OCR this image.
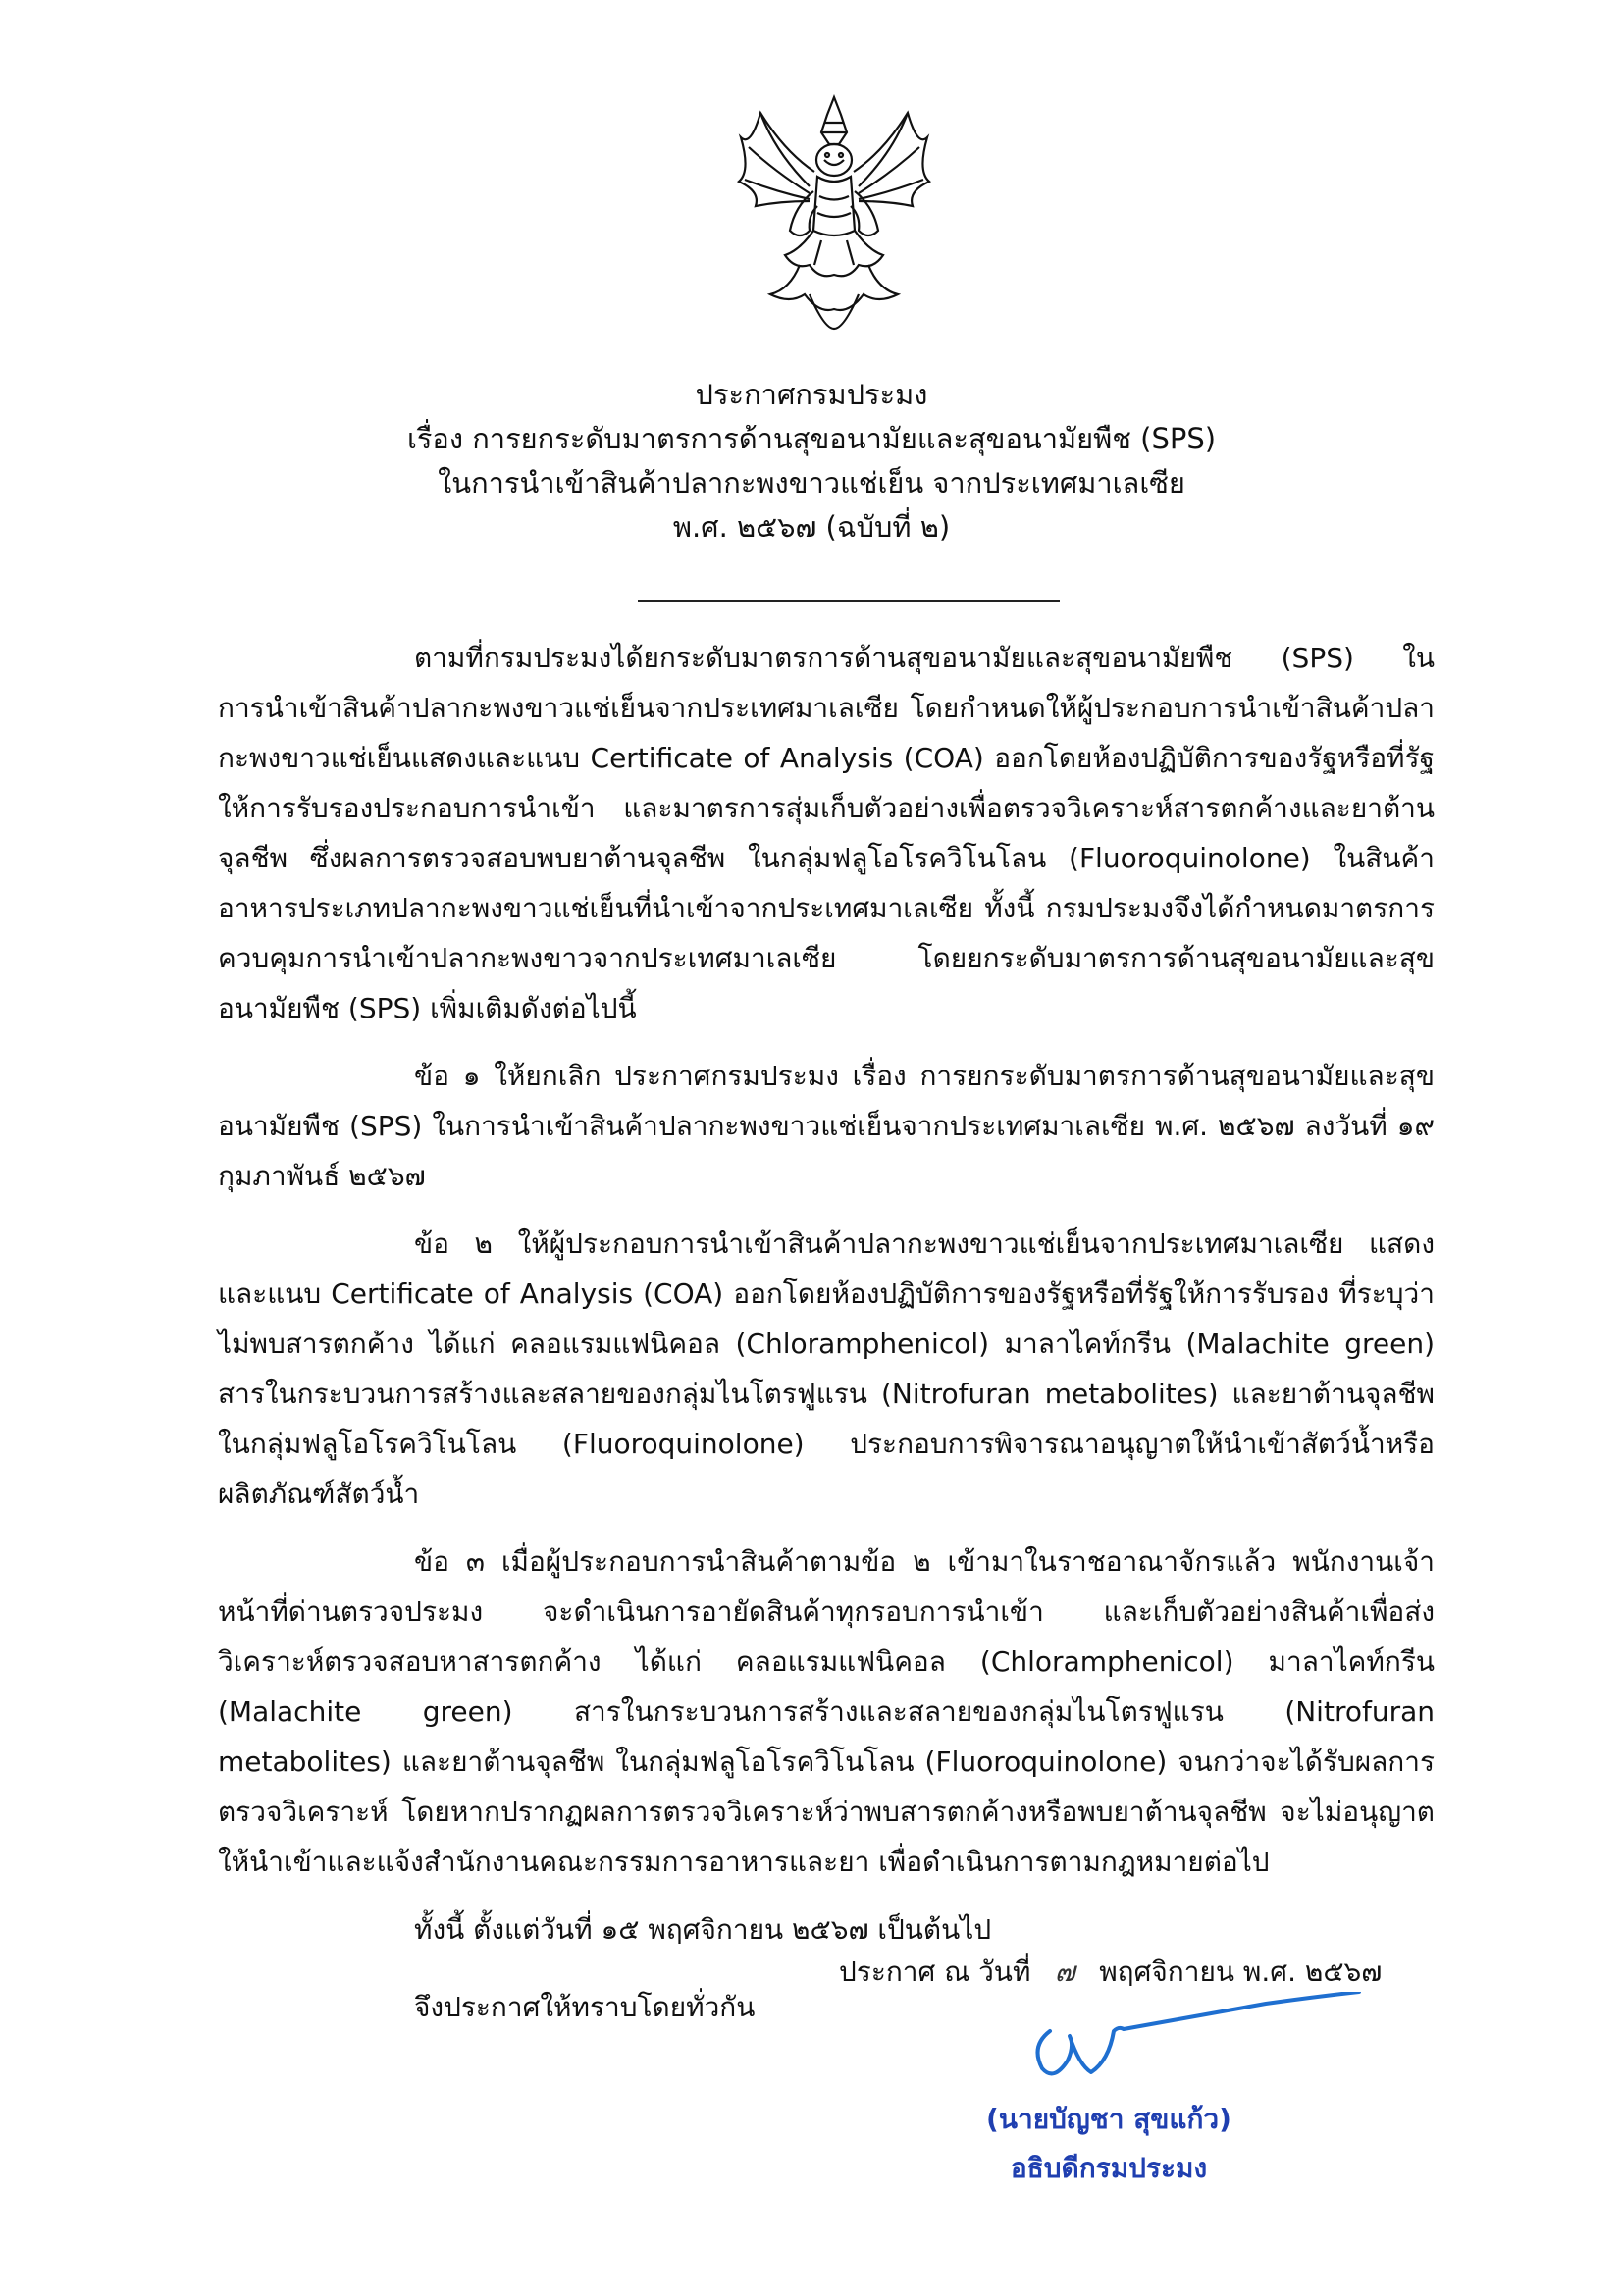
ประกาศกรมประมง
เรื่อง การยกระดับมาตรการด้านสุขอนามัยและสุขอนามัยพืช (SPS)
ในการนำเข้าสินค้าปลากะพงขาวแช่เย็น จากประเทศมาเลเซีย
พ.ศ. ๒๕๖๗ (ฉบับที่ ๒)

ตามที่กรมประมงได้ยกระดับมาตรการด้านสุขอนามัยและสุขอนามัยพืช (SPS) ในการนำเข้าสินค้าปลากะพงขาวแช่เย็นจากประเทศมาเลเซีย โดยกำหนดให้ผู้ประกอบการนำเข้าสินค้าปลากะพงขาวแช่เย็นแสดงและแนบ Certificate of Analysis (COA) ออกโดยห้องปฏิบัติการของรัฐหรือที่รัฐให้การรับรองประกอบการนำเข้า และมาตรการสุ่มเก็บตัวอย่างเพื่อตรวจวิเคราะห์สารตกค้างและยาต้านจุลชีพ ซึ่งผลการตรวจสอบพบยาต้านจุลชีพ ในกลุ่มฟลูโอโรควิโนโลน (Fluoroquinolone) ในสินค้าอาหารประเภทปลากะพงขาวแช่เย็นที่นำเข้าจากประเทศมาเลเซีย ทั้งนี้ กรมประมงจึงได้กำหนดมาตรการควบคุมการนำเข้าปลากะพงขาวจากประเทศมาเลเซีย โดยยกระดับมาตรการด้านสุขอนามัยและสุขอนามัยพืช (SPS) เพิ่มเติมดังต่อไปนี้

ข้อ ๑ ให้ยกเลิก ประกาศกรมประมง เรื่อง การยกระดับมาตรการด้านสุขอนามัยและสุขอนามัยพืช (SPS) ในการนำเข้าสินค้าปลากะพงขาวแช่เย็นจากประเทศมาเลเซีย พ.ศ. ๒๕๖๗ ลงวันที่ ๑๙ กุมภาพันธ์ ๒๕๖๗

ข้อ ๒ ให้ผู้ประกอบการนำเข้าสินค้าปลากะพงขาวแช่เย็นจากประเทศมาเลเซีย แสดงและแนบ Certificate of Analysis (COA) ออกโดยห้องปฏิบัติการของรัฐหรือที่รัฐให้การรับรอง ที่ระบุว่าไม่พบสารตกค้าง ได้แก่ คลอแรมแฟนิคอล (Chloramphenicol) มาลาไคท์กรีน (Malachite green) สารในกระบวนการสร้างและสลายของกลุ่มไนโตรฟูแรน (Nitrofuran metabolites) และยาต้านจุลชีพในกลุ่มฟลูโอโรควิโนโลน (Fluoroquinolone) ประกอบการพิจารณาอนุญาตให้นำเข้าสัตว์น้ำหรือผลิตภัณฑ์สัตว์น้ำ

ข้อ ๓ เมื่อผู้ประกอบการนำสินค้าตามข้อ ๒ เข้ามาในราชอาณาจักรแล้ว พนักงานเจ้าหน้าที่ด่านตรวจประมง จะดำเนินการอายัดสินค้าทุกรอบการนำเข้า และเก็บตัวอย่างสินค้าเพื่อส่งวิเคราะห์ตรวจสอบหาสารตกค้าง ได้แก่ คลอแรมแฟนิคอล (Chloramphenicol) มาลาไคท์กรีน (Malachite green) สารในกระบวนการสร้างและสลายของกลุ่มไนโตรฟูแรน (Nitrofuran metabolites) และยาต้านจุลชีพ ในกลุ่มฟลูโอโรควิโนโลน (Fluoroquinolone) จนกว่าจะได้รับผลการตรวจวิเคราะห์ โดยหากปรากฏผลการตรวจวิเคราะห์ว่าพบสารตกค้างหรือพบยาต้านจุลชีพ จะไม่อนุญาตให้นำเข้าและแจ้งสำนักงานคณะกรรมการอาหารและยา เพื่อดำเนินการตามกฎหมายต่อไป

ทั้งนี้ ตั้งแต่วันที่ ๑๕ พฤศจิกายน ๒๕๖๗ เป็นต้นไป

จึงประกาศให้ทราบโดยทั่วกัน

ประกาศ ณ วันที่ ๗ พฤศจิกายน พ.ศ. ๒๕๖๗
(นายบัญชา สุขแก้ว)
อธิบดีกรมประมง
